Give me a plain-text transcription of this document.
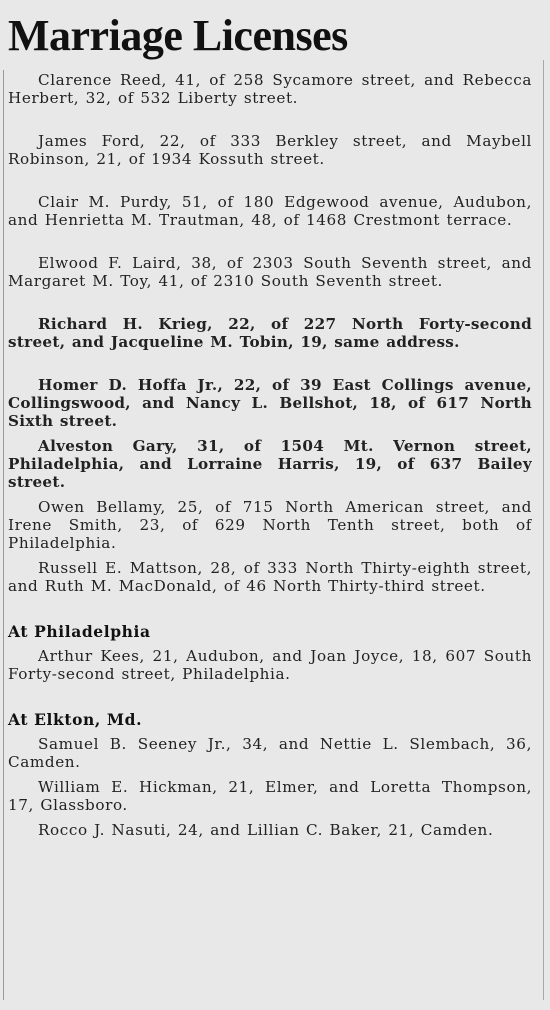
Marriage Licenses

Clarence Reed, 41, of 258 Sycamore street, and Rebecca Herbert, 32, of 532 Liberty street.

James Ford, 22, of 333 Berkley street, and Maybell Robinson, 21, of 1934 Kossuth street.

Clair M. Purdy, 51, of 180 Edgewood avenue, Audubon, and Henrietta M. Trautman, 48, of 1468 Crestmont terrace.

Elwood F. Laird, 38, of 2303 South Seventh street, and Margaret M. Toy, 41, of 2310 South Seventh street.

Richard H. Krieg, 22, of 227 North Forty-second street, and Jacqueline M. Tobin, 19, same address.

Homer D. Hoffa Jr., 22, of 39 East Collings avenue, Collingswood, and Nancy L. Bellshot, 18, of 617 North Sixth street.

Alveston Gary, 31, of 1504 Mt. Vernon street, Philadelphia, and Lorraine Harris, 19, of 637 Bailey street.

Owen Bellamy, 25, of 715 North American street, and Irene Smith, 23, of 629 North Tenth street, both of Philadelphia.

Russell E. Mattson, 28, of 333 North Thirty-eighth street, and Ruth M. MacDonald, of 46 North Thirty-third street.

At Philadelphia

Arthur Kees, 21, Audubon, and Joan Joyce, 18, 607 South Forty-second street, Philadelphia.

At Elkton, Md.

Samuel B. Seeney Jr., 34, and Nettie L. Slembach, 36, Camden.

William E. Hickman, 21, Elmer, and Loretta Thompson, 17, Glassboro.

Rocco J. Nasuti, 24, and Lillian C. Baker, 21, Camden.
